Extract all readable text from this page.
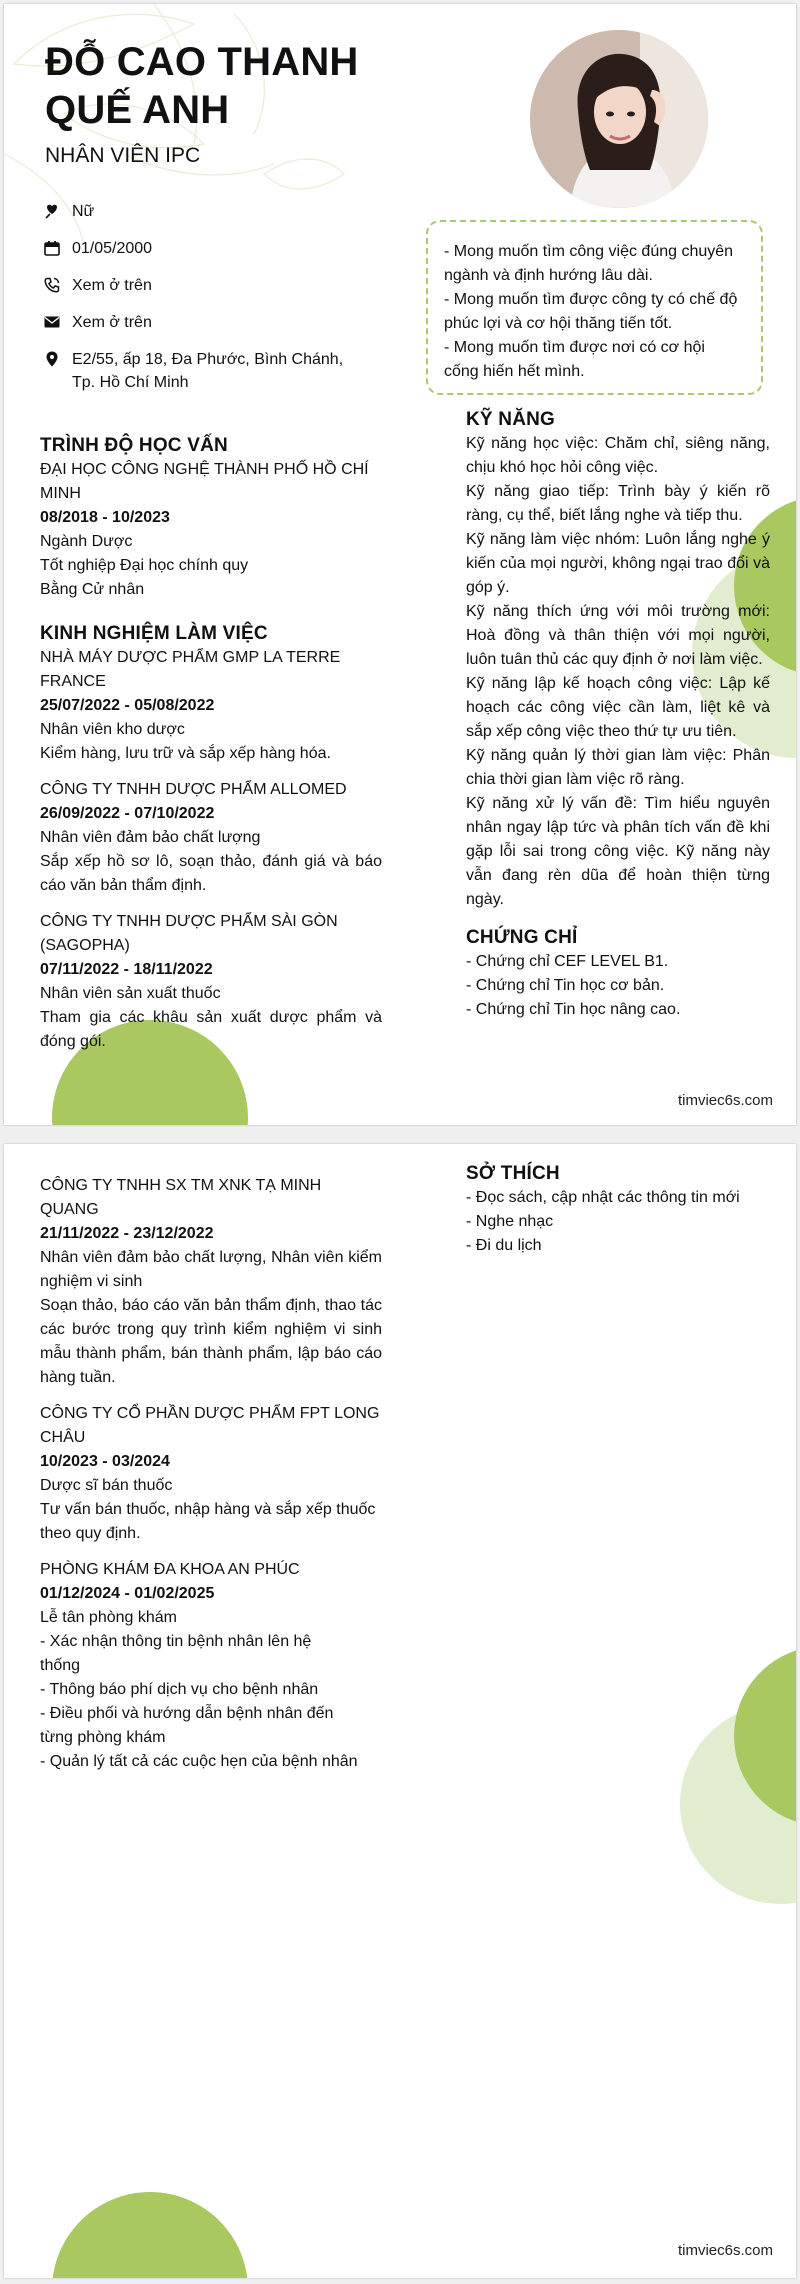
ĐỖ CAO THANH
QUẾ ANH
NHÂN VIÊN IPC
Nữ
01/05/2000
Xem ở trên
Xem ở trên
E2/55, ấp 18, Đa Phước, Bình Chánh, Tp. Hồ Chí Minh
- Mong muốn tìm công việc đúng chuyên ngành và định hướng lâu dài.
- Mong muốn tìm được công ty có chế độ phúc lợi và cơ hội thăng tiến tốt.
- Mong muốn tìm được nơi có cơ hội cống hiến hết mình.

TRÌNH ĐỘ HỌC VẤN

ĐẠI HỌC CÔNG NGHỆ THÀNH PHỐ HỒ CHÍ MINH

08/2018 - 10/2023

Ngành Dược

Tốt nghiệp Đại học chính quy

Bằng Cử nhân

KINH NGHIỆM LÀM VIỆC

NHÀ MÁY DƯỢC PHẨM GMP LA TERRE FRANCE

25/07/2022 - 05/08/2022

Nhân viên kho dược

Kiểm hàng, lưu trữ và sắp xếp hàng hóa.

CÔNG TY TNHH DƯỢC PHẨM ALLOMED

26/09/2022 - 07/10/2022

Nhân viên đảm bảo chất lượng

Sắp xếp hồ sơ lô, soạn thảo, đánh giá và báo cáo văn bản thẩm định.

CÔNG TY TNHH DƯỢC PHẨM SÀI GÒN (SAGOPHA)

07/11/2022 - 18/11/2022

Nhân viên sản xuất thuốc

Tham gia các khâu sản xuất dược phẩm và đóng gói.

KỸ NĂNG

Kỹ năng học việc: Chăm chỉ, siêng năng, chịu khó học hỏi công việc.

Kỹ năng giao tiếp: Trình bày ý kiến rõ ràng, cụ thể, biết lắng nghe và tiếp thu.

Kỹ năng làm việc nhóm: Luôn lắng nghe ý kiến của mọi người, không ngại trao đổi và góp ý.

Kỹ năng thích ứng với môi trường mới: Hoà đồng và thân thiện với mọi người, luôn tuân thủ các quy định ở nơi làm việc.

Kỹ năng lập kế hoạch công việc: Lập kế hoạch các công việc cần làm, liệt kê và sắp xếp công việc theo thứ tự ưu tiên.

Kỹ năng quản lý thời gian làm việc: Phân chia thời gian làm việc rõ ràng.

Kỹ năng xử lý vấn đề: Tìm hiểu nguyên nhân ngay lập tức và phân tích vấn đề khi gặp lỗi sai trong công việc. Kỹ năng này vẫn đang rèn dũa để hoàn thiện từng ngày.

CHỨNG CHỈ

- Chứng chỉ CEF LEVEL B1.

- Chứng chỉ Tin học cơ bản.

- Chứng chỉ Tin học nâng cao.

timviec6s.com

CÔNG TY TNHH SX TM XNK TẠ MINH QUANG

21/11/2022 - 23/12/2022

Nhân viên đảm bảo chất lượng, Nhân viên kiểm nghiệm vi sinh

Soạn thảo, báo cáo văn bản thẩm định, thao tác các bước trong quy trình kiểm nghiệm vi sinh mẫu thành phẩm, bán thành phẩm, lập báo cáo hàng tuần.

CÔNG TY CỔ PHẦN DƯỢC PHẨM FPT LONG CHÂU

10/2023 - 03/2024

Dược sĩ bán thuốc

Tư vấn bán thuốc, nhập hàng và sắp xếp thuốc theo quy định.

PHÒNG KHÁM ĐA KHOA AN PHÚC

01/12/2024 - 01/02/2025

Lễ tân phòng khám

- Xác nhận thông tin bệnh nhân lên hệ thống

- Thông báo phí dịch vụ cho bệnh nhân

- Điều phối và hướng dẫn bệnh nhân đến từng phòng khám

- Quản lý tất cả các cuộc hẹn của bệnh nhân

SỞ THÍCH

- Đọc sách, cập nhật các thông tin mới

- Nghe nhạc

- Đi du lịch

timviec6s.com
